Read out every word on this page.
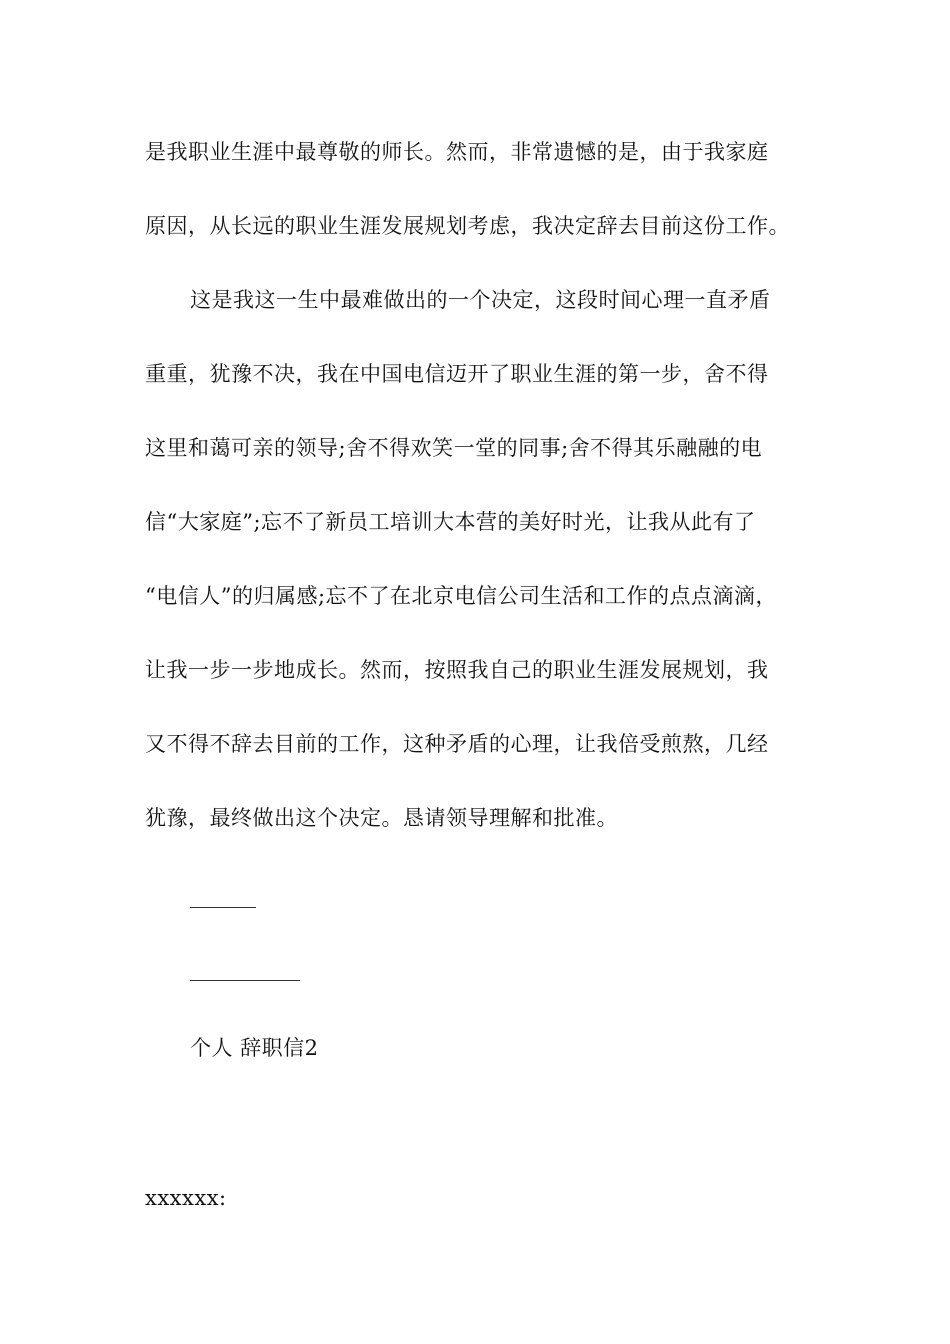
是我职业生涯中最尊敬的师长。然而，非常遗憾的是，由于我家庭
原因，从长远的职业生涯发展规划考虑，我决定辞去目前这份工作。
这是我这一生中最难做出的一个决定，这段时间心理一直矛盾
重重，犹豫不决，我在中国电信迈开了职业生涯的第一步，舍不得
这里和蔼可亲的领导;舍不得欢笑一堂的同事;舍不得其乐融融的电
信“大家庭”;忘不了新员工培训大本营的美好时光，让我从此有了
“电信人”的归属感;忘不了在北京电信公司生活和工作的点点滴滴，
让我一步一步地成长。然而，按照我自己的职业生涯发展规划，我
又不得不辞去目前的工作，这种矛盾的心理，让我倍受煎熬，几经
犹豫，最终做出这个决定。恳请领导理解和批准。
个人 辞职信2
xxxxxx:
